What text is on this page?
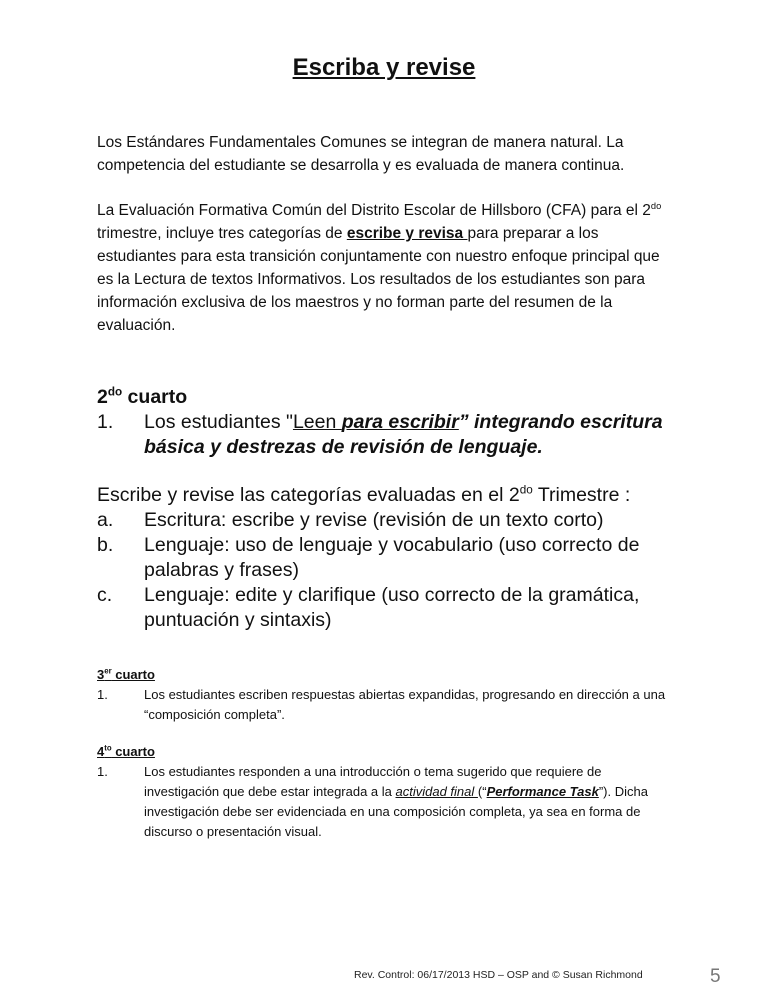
Escriba y revise

Los Estándares Fundamentales Comunes se integran de manera natural. La competencia del estudiante se desarrolla y es evaluada de manera continua.

La Evaluación Formativa Común del Distrito Escolar de Hillsboro (CFA) para el $2^{do}$ trimestre, incluye tres categorías de escribe y revisa para preparar a los estudiantes para esta transición conjuntamente con nuestro enfoque principal que es la Lectura de textos Informativos. Los resultados de los estudiantes son para información exclusiva de los maestros y no forman parte del resumen de la evaluación.

$2^{do}$ cuarto
1.	Los estudiantes "Leen para escribir” integrando escritura básica y destrezas de revisión de lenguaje.
Escribe y revise las categorías evaluadas en el $2^{do}$ Trimestre :
a.	Escritura: escribe y revise (revisión de un texto corto)
b.	Lenguaje: uso de lenguaje y vocabulario (uso correcto de palabras y frases)
c.	Lenguaje: edite y clarifique (uso correcto de la gramática, puntuación y sintaxis)
3er cuarto
1.	Los estudiantes escriben respuestas abiertas expandidas, progresando en dirección a una “composición completa”.
$4^{to}$ cuarto
1.	Los estudiantes responden a una introducción o tema sugerido que requiere de investigación que debe estar integrada a la actividad final (“Performance Task”). Dicha investigación debe ser evidenciada en una composición completa, ya sea en forma de discurso o presentación visual.
Rev. Control: 06/17/2013 HSD – OSP and © Susan Richmond	5
